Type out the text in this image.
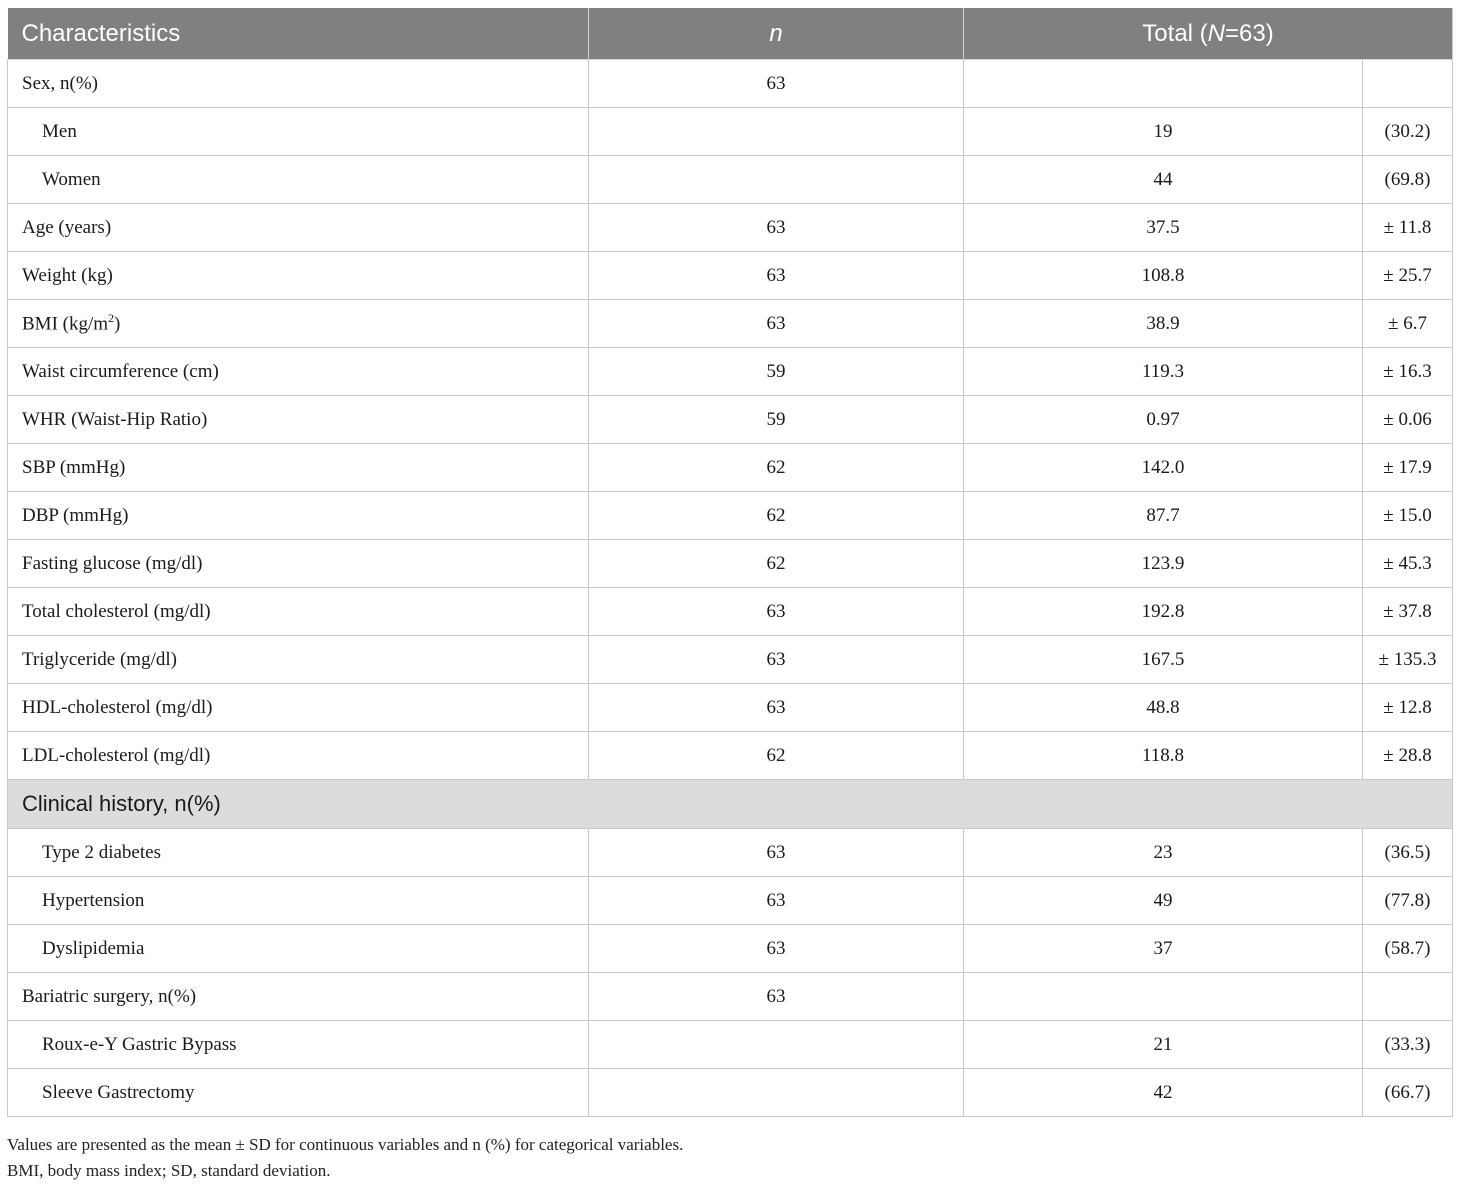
Characteristics	n	Total (N=63)	
Sex, n(%)	63		
Men		19	(30.2)
Women		44	(69.8)
Age (years)	63	37.5	± 11.8
Weight (kg)	63	108.8	± 25.7
BMI $(kg/m^2)$	63	38.9	± 6.7
Waist circumference (cm)	59	119.3	± 16.3
WHR (Waist-Hip Ratio)	59	0.97	± 0.06
SBP (mmHg)	62	142.0	± 17.9
DBP (mmHg)	62	87.7	± 15.0
Fasting glucose (mg/dl)	62	123.9	± 45.3
Total cholesterol (mg/dl)	63	192.8	± 37.8
Triglyceride (mg/dl)	63	167.5	± 135.3
HDL-cholesterol (mg/dl)	63	48.8	± 12.8
LDL-cholesterol (mg/dl)	62	118.8	± 28.8
Clinical history, n(%)			
Type 2 diabetes	63	23	(36.5)
Hypertension	63	49	(77.8)
Dyslipidemia	63	37	(58.7)
Bariatric surgery, n(%)	63		
Roux-e-Y Gastric Bypass		21	(33.3)
Sleeve Gastrectomy		42	(66.7)

Values are presented as the mean ± SD for continuous variables and n (%) for categorical variables.

BMI, body mass index; SD, standard deviation.
